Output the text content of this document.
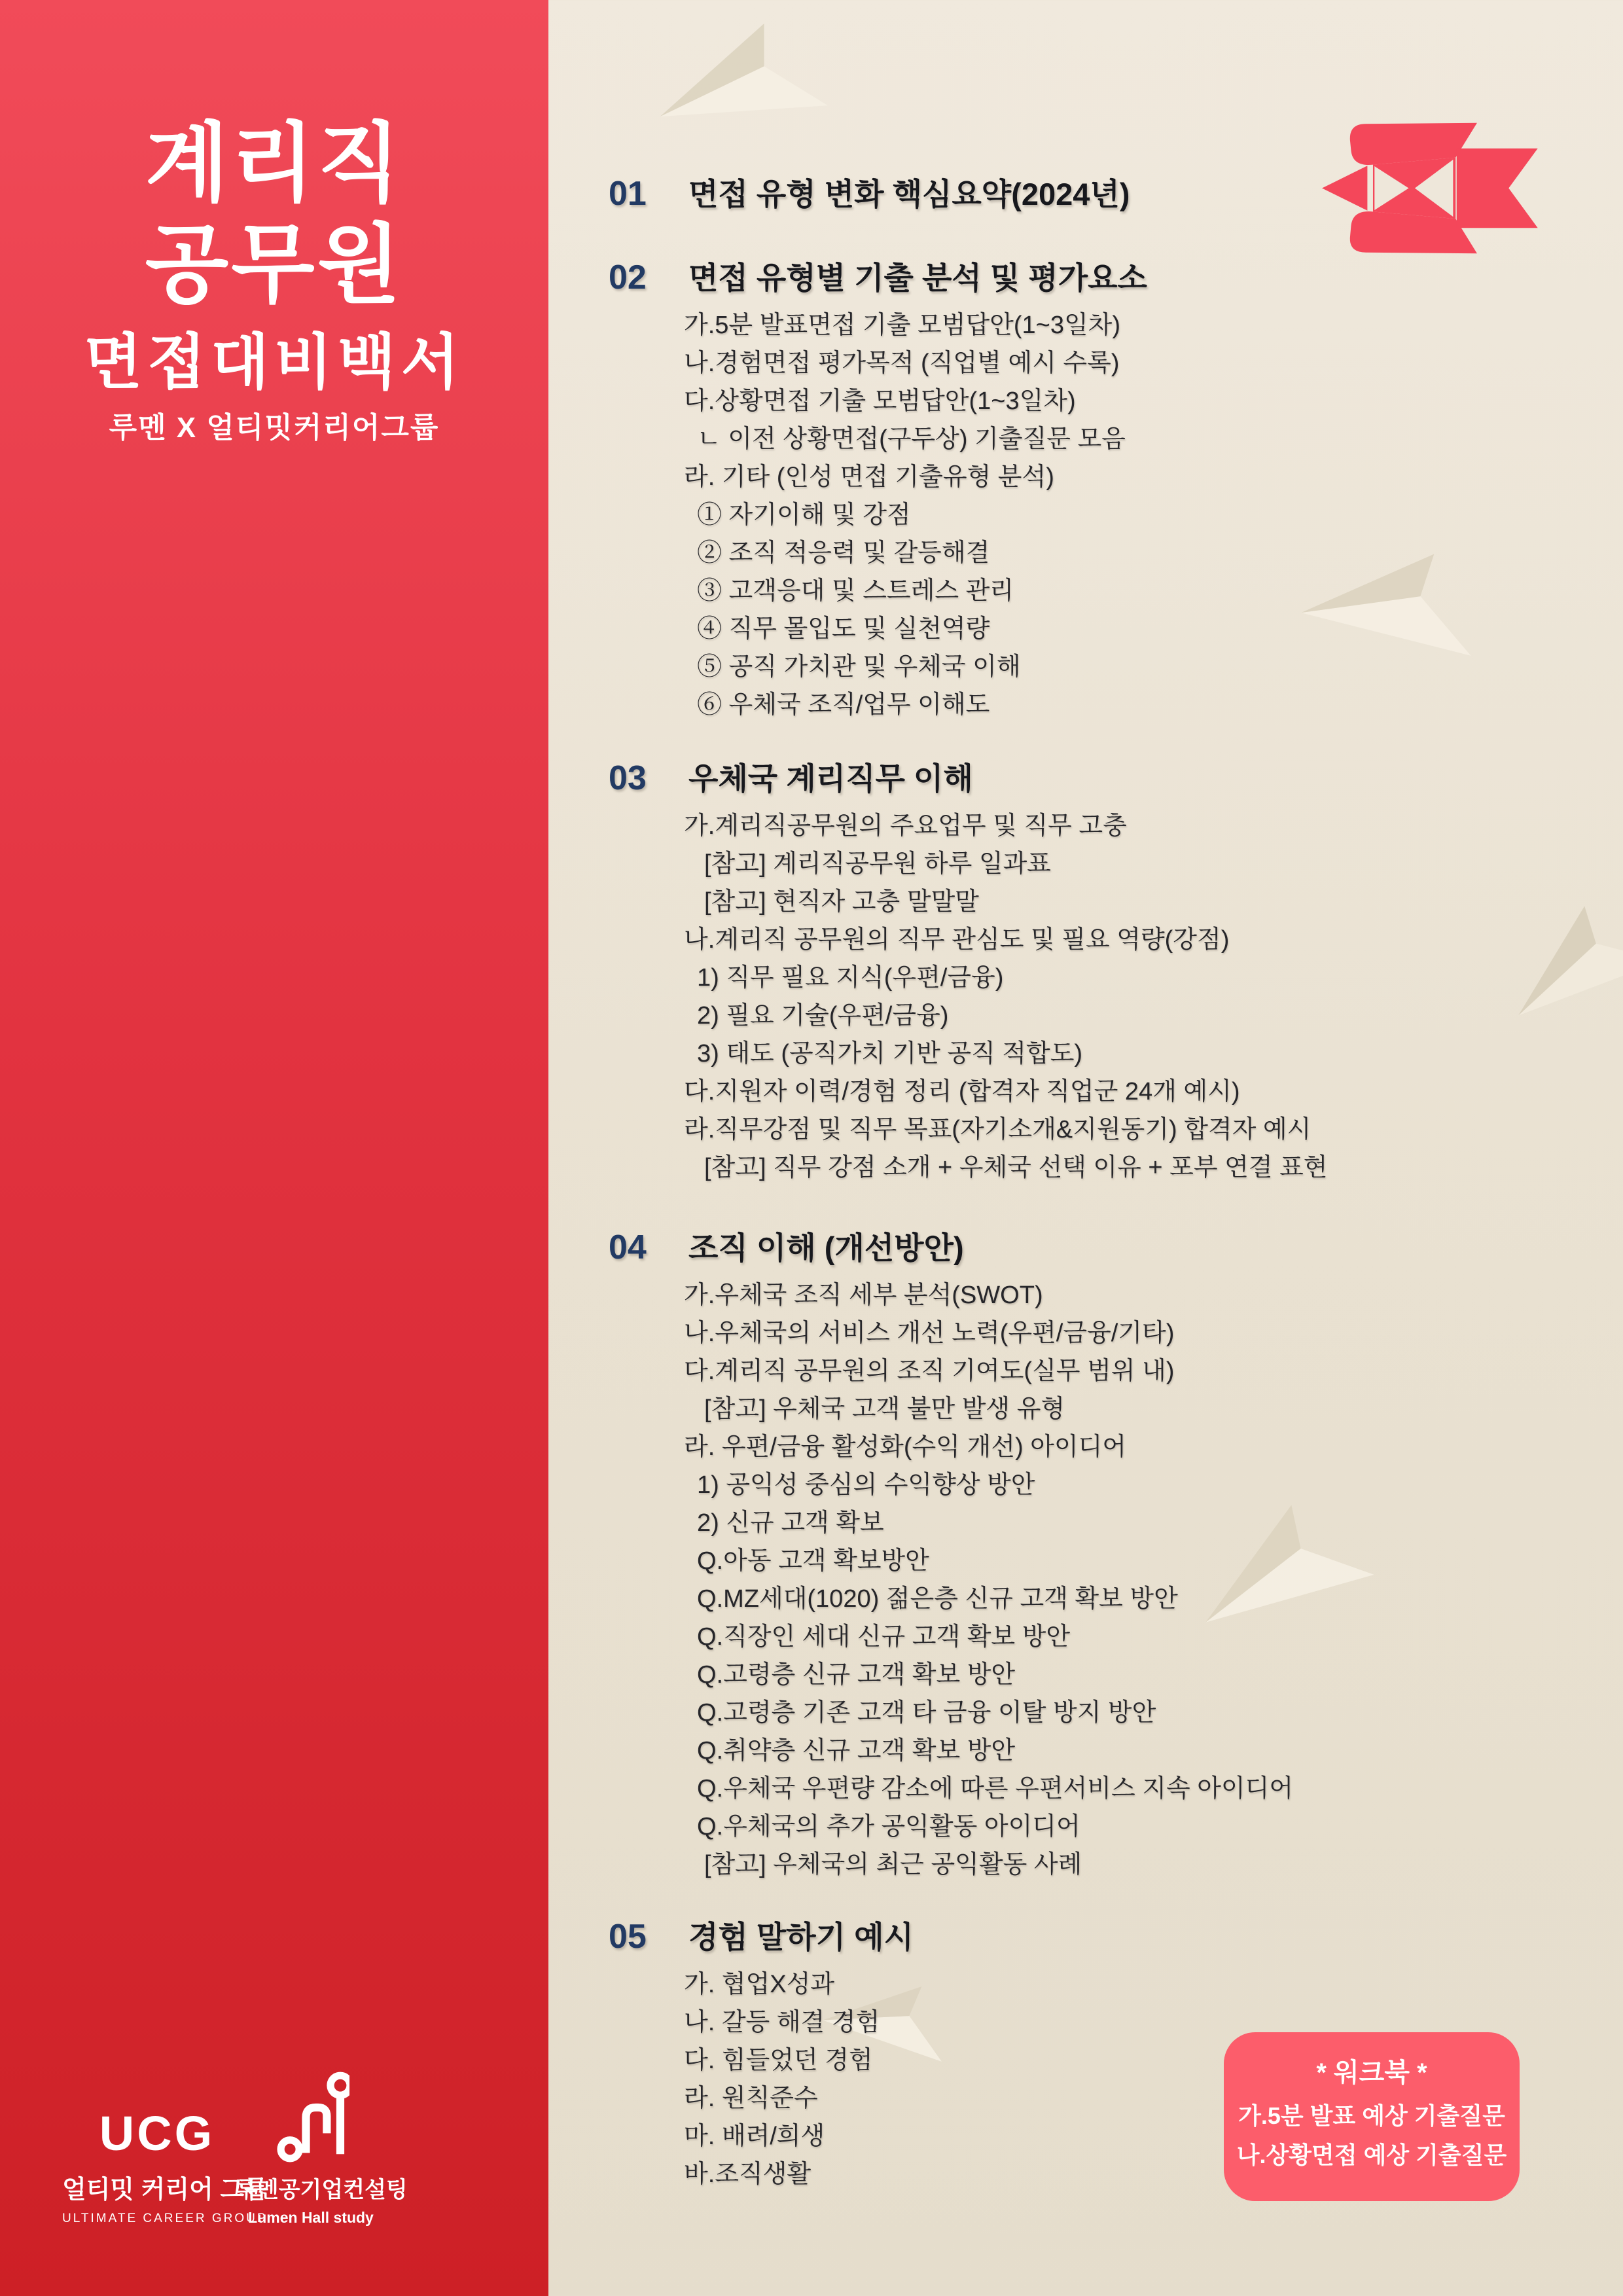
계리직
공무원
면접대비백서
루멘 X 얼티밋커리어그룹
UCG
얼티밋 커리어 그룹
ULTIMATE CAREER GROUP
루멘공기업컨설팅
Lumen Hall study
01 면접 유형 변화 핵심요약(2024년)
02 면접 유형별 기출 분석 및 평가요소
가.5분 발표면접 기출 모범답안(1~3일차)
나.경험면접 평가목적 (직업별 예시 수록)
다.상황면접 기출 모범답안(1~3일차)
ㄴ 이전 상황면접(구두상) 기출질문 모음
라. 기타 (인성 면접 기출유형 분석)
① 자기이해 및 강점
② 조직 적응력 및 갈등해결
③ 고객응대 및 스트레스 관리
④ 직무 몰입도 및 실천역량
⑤ 공직 가치관 및 우체국 이해
⑥ 우체국 조직/업무 이해도
03 우체국 계리직무 이해
가.계리직공무원의 주요업무 및 직무 고충
[참고] 계리직공무원 하루 일과표
[참고] 현직자 고충 말말말
나.계리직 공무원의 직무 관심도 및 필요 역량(강점)
1) 직무 필요 지식(우편/금융)
2) 필요 기술(우편/금융)
3) 태도 (공직가치 기반 공직 적합도)
다.지원자 이력/경험 정리 (합격자 직업군 24개 예시)
라.직무강점 및 직무 목표(자기소개&지원동기) 합격자 예시
[참고] 직무 강점 소개 + 우체국 선택 이유 + 포부 연결 표현
04 조직 이해 (개선방안)
가.우체국 조직 세부 분석(SWOT)
나.우체국의 서비스 개선 노력(우편/금융/기타)
다.계리직 공무원의 조직 기여도(실무 범위 내)
[참고] 우체국 고객 불만 발생 유형
라. 우편/금융 활성화(수익 개선) 아이디어
1) 공익성 중심의 수익향상 방안
2) 신규 고객 확보
Q.아동 고객 확보방안
Q.MZ세대(1020) 젊은층 신규 고객 확보 방안
Q.직장인 세대 신규 고객 확보 방안
Q.고령층 신규 고객 확보 방안
Q.고령층 기존 고객 타 금융 이탈 방지 방안
Q.취약층 신규 고객 확보 방안
Q.우체국 우편량 감소에 따른 우편서비스 지속 아이디어
Q.우체국의 추가 공익활동 아이디어
[참고] 우체국의 최근 공익활동 사례
05 경험 말하기 예시
가. 협업X성과
나. 갈등 해결 경험
다. 힘들었던 경험
라. 원칙준수
마. 배려/희생
바.조직생활
* 워크북 *
가.5분 발표 예상 기출질문
나.상황면접 예상 기출질문
